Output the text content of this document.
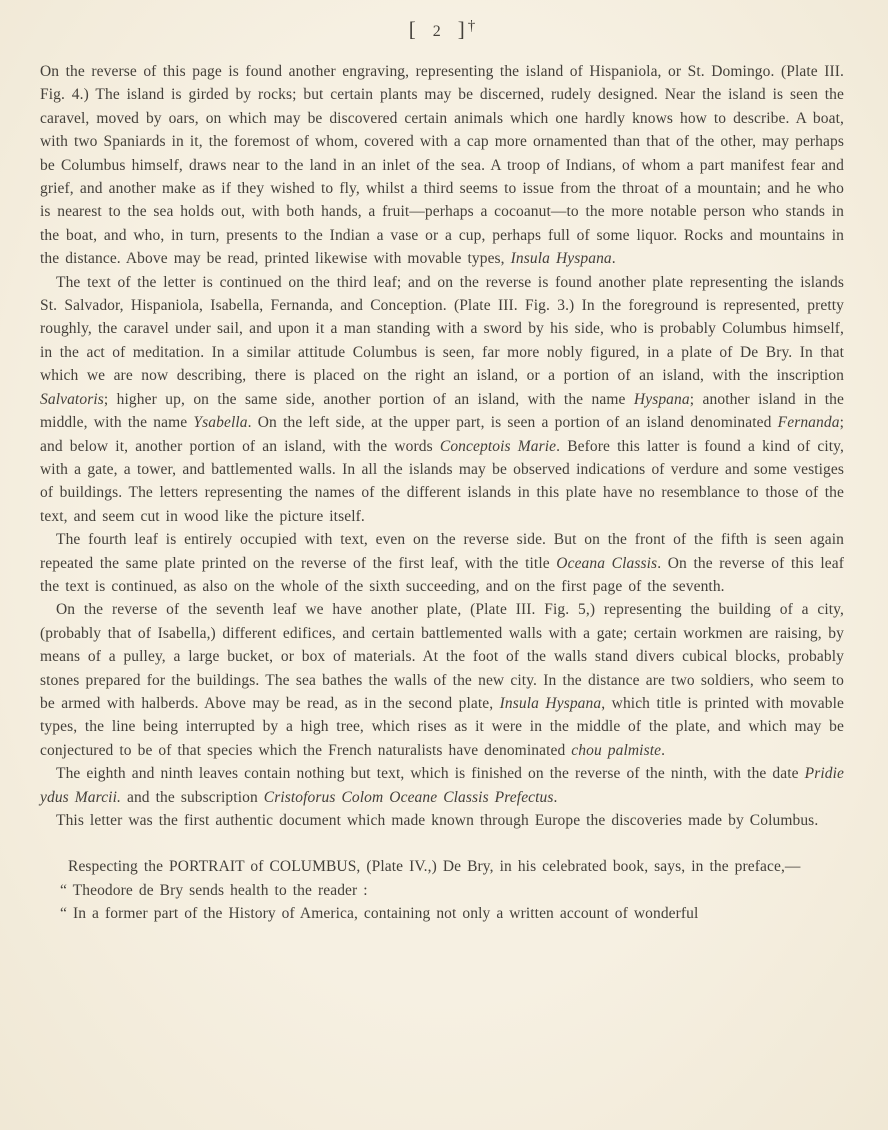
[ 2 ] †

On the reverse of this page is found another engraving, representing the island of Hispaniola, or St. Domingo. (Plate III. Fig. 4.) The island is girded by rocks; but certain plants may be discerned, rudely designed. Near the island is seen the caravel, moved by oars, on which may be discovered certain animals which one hardly knows how to describe. A boat, with two Spaniards in it, the foremost of whom, covered with a cap more ornamented than that of the other, may perhaps be Columbus himself, draws near to the land in an inlet of the sea. A troop of Indians, of whom a part manifest fear and grief, and another make as if they wished to fly, whilst a third seems to issue from the throat of a mountain; and he who is nearest to the sea holds out, with both hands, a fruit—perhaps a cocoanut—to the more notable person who stands in the boat, and who, in turn, presents to the Indian a vase or a cup, perhaps full of some liquor. Rocks and mountains in the distance. Above may be read, printed likewise with movable types, Insula Hyspana.

The text of the letter is continued on the third leaf; and on the reverse is found another plate representing the islands St. Salvador, Hispaniola, Isabella, Fernanda, and Conception. (Plate III. Fig. 3.) In the foreground is represented, pretty roughly, the caravel under sail, and upon it a man standing with a sword by his side, who is probably Columbus himself, in the act of meditation. In a similar attitude Columbus is seen, far more nobly figured, in a plate of De Bry. In that which we are now describing, there is placed on the right an island, or a portion of an island, with the inscription Salvatoris; higher up, on the same side, another portion of an island, with the name Hyspana; another island in the middle, with the name Ysabella. On the left side, at the upper part, is seen a portion of an island denominated Fernanda; and below it, another portion of an island, with the words Conceptois Marie. Before this latter is found a kind of city, with a gate, a tower, and battlemented walls. In all the islands may be observed indications of verdure and some vestiges of buildings. The letters representing the names of the different islands in this plate have no resemblance to those of the text, and seem cut in wood like the picture itself.

The fourth leaf is entirely occupied with text, even on the reverse side. But on the front of the fifth is seen again repeated the same plate printed on the reverse of the first leaf, with the title Oceana Classis. On the reverse of this leaf the text is continued, as also on the whole of the sixth succeeding, and on the first page of the seventh.

On the reverse of the seventh leaf we have another plate, (Plate III. Fig. 5,) representing the building of a city, (probably that of Isabella,) different edifices, and certain battlemented walls with a gate; certain workmen are raising, by means of a pulley, a large bucket, or box of materials. At the foot of the walls stand divers cubical blocks, probably stones prepared for the buildings. The sea bathes the walls of the new city. In the distance are two soldiers, who seem to be armed with halberds. Above may be read, as in the second plate, Insula Hyspana, which title is printed with movable types, the line being interrupted by a high tree, which rises as it were in the middle of the plate, and which may be conjectured to be of that species which the French naturalists have denominated chou palmiste.

The eighth and ninth leaves contain nothing but text, which is finished on the reverse of the ninth, with the date Pridie ydus Marcii. and the subscription Cristoforus Colom Oceane Classis Prefectus.

This letter was the first authentic document which made known through Europe the discoveries made by Columbus.

Respecting the PORTRAIT of COLUMBUS, (Plate IV.,) De Bry, in his celebrated book, says, in the preface,—

“ Theodore de Bry sends health to the reader :

“ In a former part of the History of America, containing not only a written account of wonderful
